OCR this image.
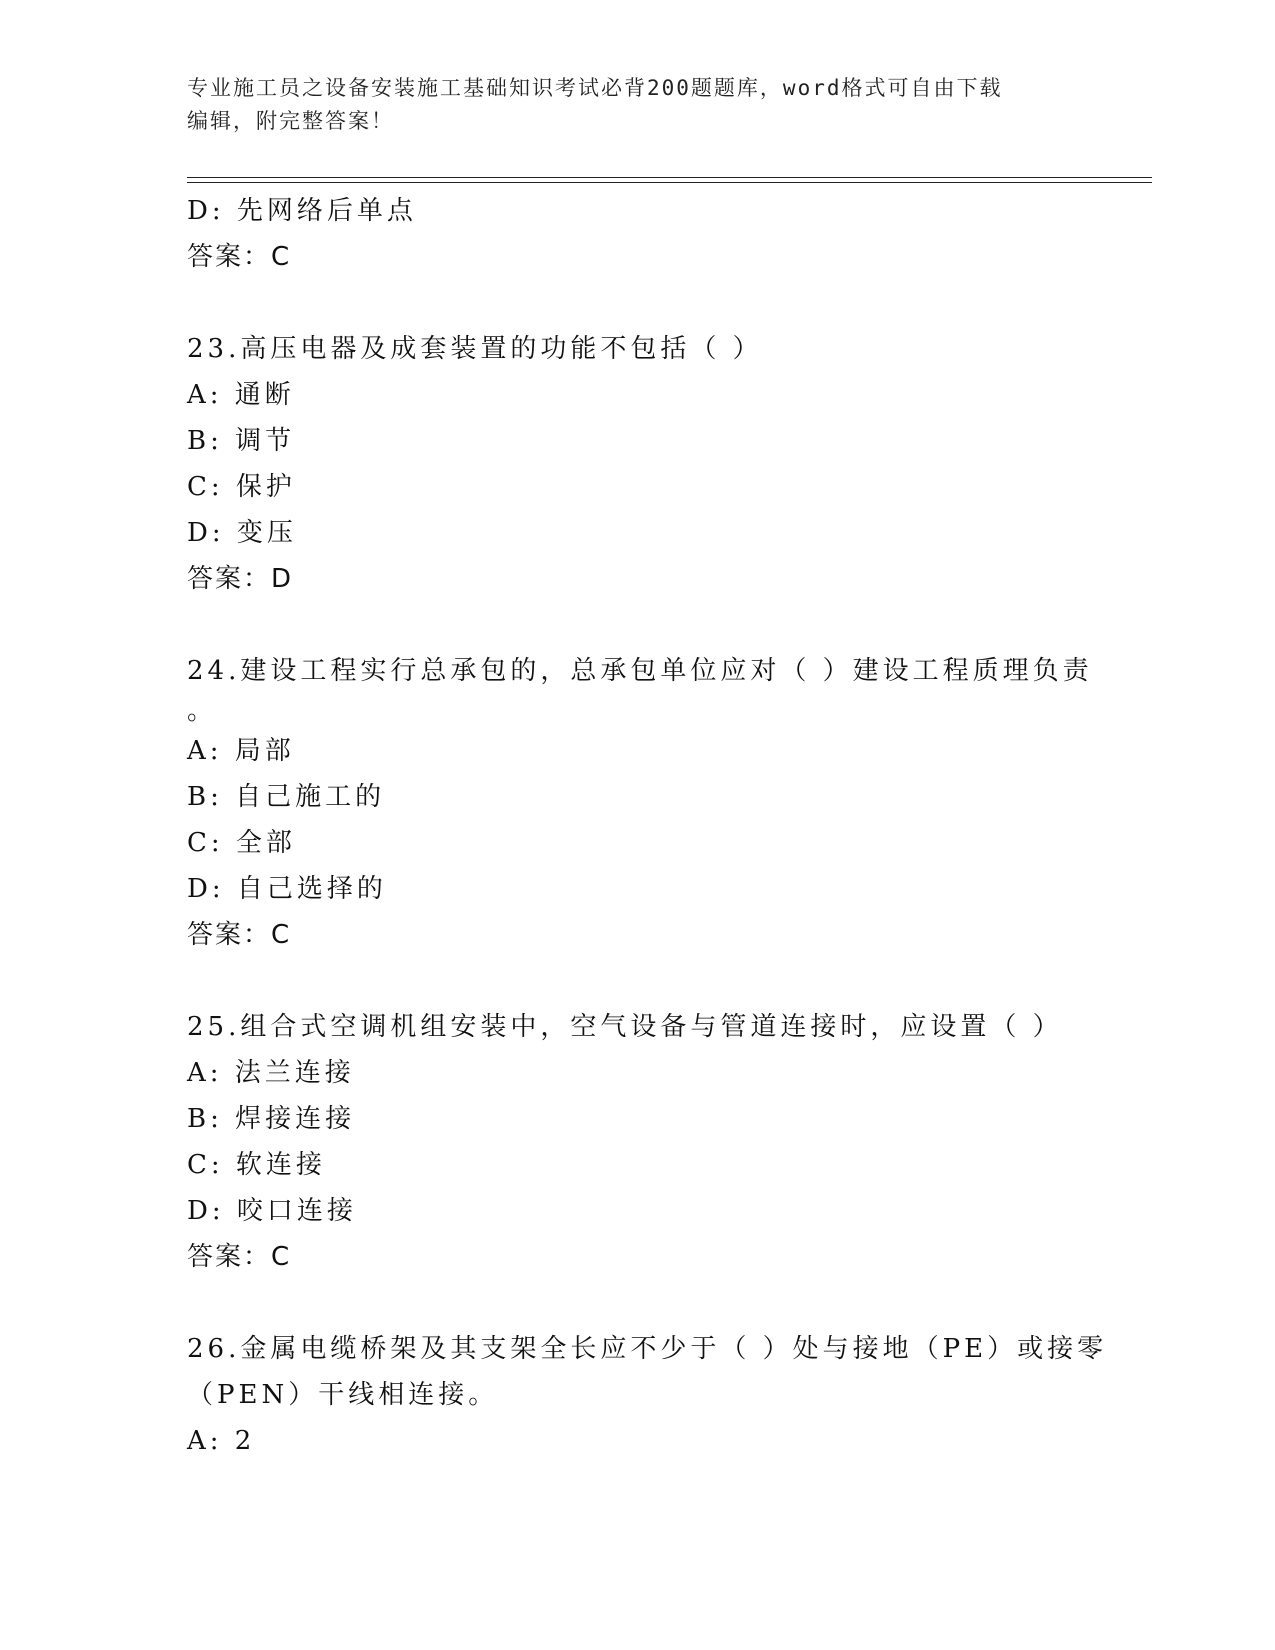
专业施工员之设备安装施工基础知识考试必背200题题库，word格式可自由下载
编辑，附完整答案！
D: 先网络后单点
答案：C
23.高压电器及成套装置的功能不包括（ ）
A: 通断
B: 调节
C: 保护
D: 变压
答案：D
24.建设工程实行总承包的，总承包单位应对（ ）建设工程质理负责
。
A: 局部
B: 自己施工的
C: 全部
D: 自己选择的
答案：C
25.组合式空调机组安装中，空气设备与管道连接时，应设置（ ）
A: 法兰连接
B: 焊接连接
C: 软连接
D: 咬口连接
答案：C
26.金属电缆桥架及其支架全长应不少于（ ）处与接地（PE）或接零
（PEN）干线相连接。
A: 2
